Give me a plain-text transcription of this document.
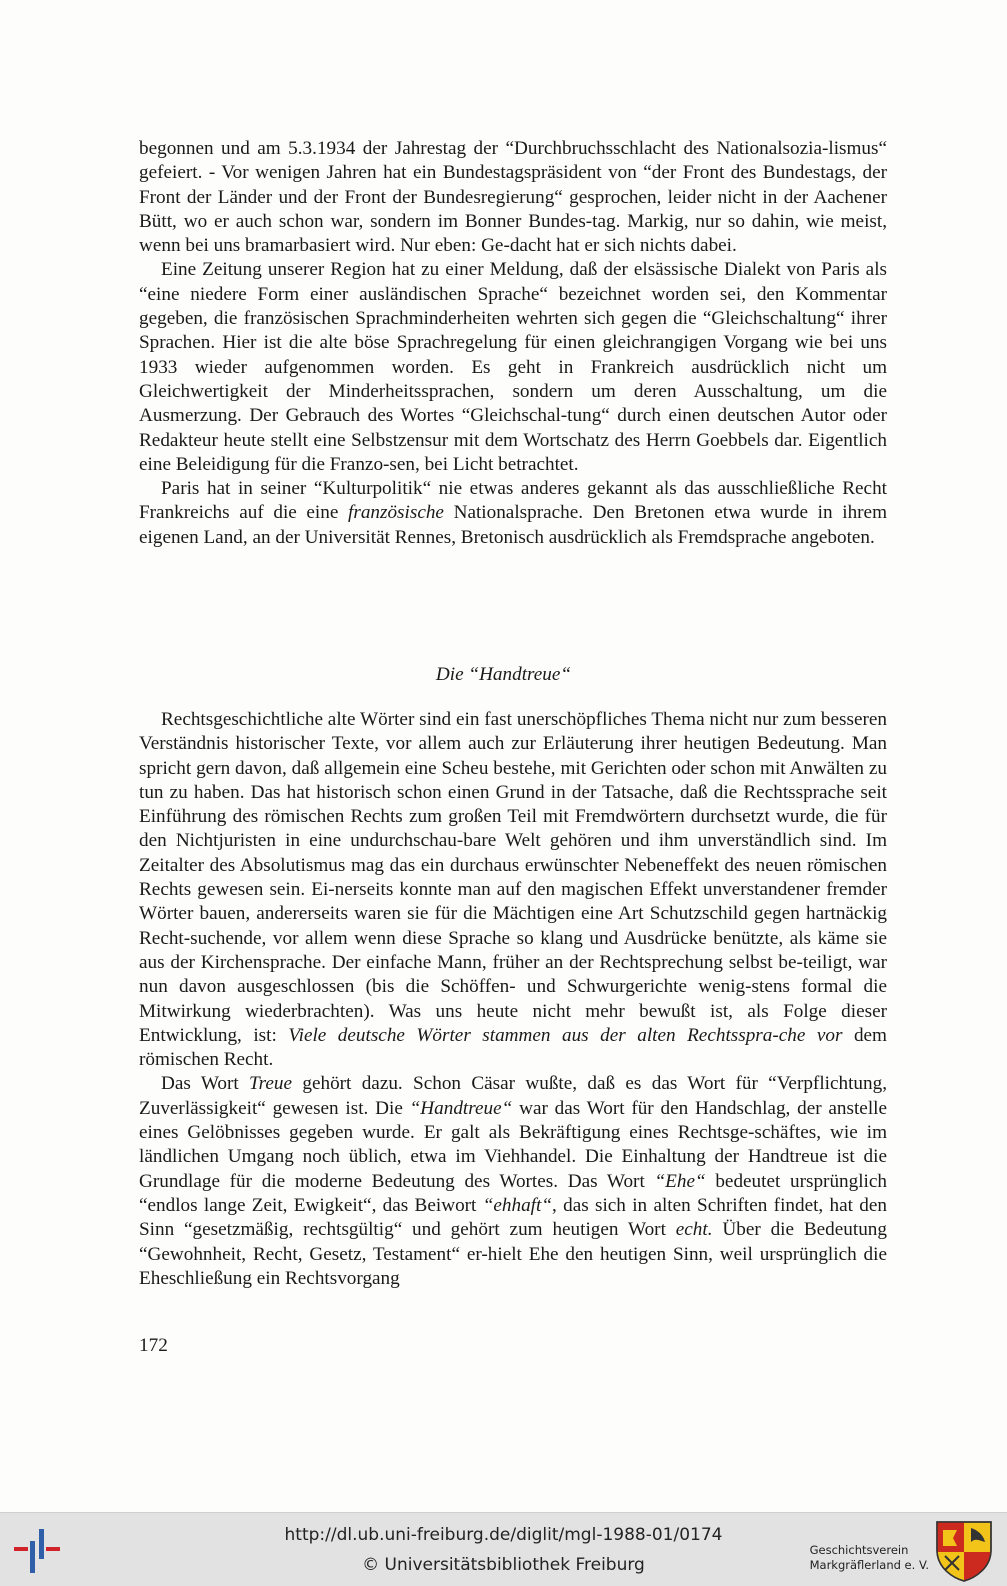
begonnen und am 5.3.1934 der Jahrestag der “Durchbruchsschlacht des Nationalsozia-lismus“ gefeiert. - Vor wenigen Jahren hat ein Bundestagspräsident von “der Front des Bundestags, der Front der Länder und der Front der Bundesregierung“ gesprochen, leider nicht in der Aachener Bütt, wo er auch schon war, sondern im Bonner Bundes-tag. Markig, nur so dahin, wie meist, wenn bei uns bramarbasiert wird. Nur eben: Ge-dacht hat er sich nichts dabei.

Eine Zeitung unserer Region hat zu einer Meldung, daß der elsässische Dialekt von Paris als “eine niedere Form einer ausländischen Sprache“ bezeichnet worden sei, den Kommentar gegeben, die französischen Sprachminderheiten wehrten sich gegen die “Gleichschaltung“ ihrer Sprachen. Hier ist die alte böse Sprachregelung für einen gleichrangigen Vorgang wie bei uns 1933 wieder aufgenommen worden. Es geht in Frankreich ausdrücklich nicht um Gleichwertigkeit der Minderheitssprachen, sondern um deren Ausschaltung, um die Ausmerzung. Der Gebrauch des Wortes “Gleichschal-tung“ durch einen deutschen Autor oder Redakteur heute stellt eine Selbstzensur mit dem Wortschatz des Herrn Goebbels dar. Eigentlich eine Beleidigung für die Franzo-sen, bei Licht betrachtet.

Paris hat in seiner “Kulturpolitik“ nie etwas anderes gekannt als das ausschließliche Recht Frankreichs auf die eine französische Nationalsprache. Den Bretonen etwa wurde in ihrem eigenen Land, an der Universität Rennes, Bretonisch ausdrücklich als Fremdsprache angeboten.

Die “Handtreue“

Rechtsgeschichtliche alte Wörter sind ein fast unerschöpfliches Thema nicht nur zum besseren Verständnis historischer Texte, vor allem auch zur Erläuterung ihrer heutigen Bedeutung. Man spricht gern davon, daß allgemein eine Scheu bestehe, mit Gerichten oder schon mit Anwälten zu tun zu haben. Das hat historisch schon einen Grund in der Tatsache, daß die Rechtssprache seit Einführung des römischen Rechts zum großen Teil mit Fremdwörtern durchsetzt wurde, die für den Nichtjuristen in eine undurchschau-bare Welt gehören und ihm unverständlich sind. Im Zeitalter des Absolutismus mag das ein durchaus erwünschter Nebeneffekt des neuen römischen Rechts gewesen sein. Ei-nerseits konnte man auf den magischen Effekt unverstandener fremder Wörter bauen, andererseits waren sie für die Mächtigen eine Art Schutzschild gegen hartnäckig Recht-suchende, vor allem wenn diese Sprache so klang und Ausdrücke benützte, als käme sie aus der Kirchensprache. Der einfache Mann, früher an der Rechtsprechung selbst be-teiligt, war nun davon ausgeschlossen (bis die Schöffen- und Schwurgerichte wenig-stens formal die Mitwirkung wiederbrachten). Was uns heute nicht mehr bewußt ist, als Folge dieser Entwicklung, ist: Viele deutsche Wörter stammen aus der alten Rechtsspra-che vor dem römischen Recht.

Das Wort Treue gehört dazu. Schon Cäsar wußte, daß es das Wort für “Verpflichtung, Zuverlässigkeit“ gewesen ist. Die “Handtreue“ war das Wort für den Handschlag, der anstelle eines Gelöbnisses gegeben wurde. Er galt als Bekräftigung eines Rechtsge-schäftes, wie im ländlichen Umgang noch üblich, etwa im Viehhandel. Die Einhaltung der Handtreue ist die Grundlage für die moderne Bedeutung des Wortes. Das Wort “Ehe“ bedeutet ursprünglich “endlos lange Zeit, Ewigkeit“, das Beiwort “ehhaft“, das sich in alten Schriften findet, hat den Sinn “gesetzmäßig, rechtsgültig“ und gehört zum heutigen Wort echt. Über die Bedeutung “Gewohnheit, Recht, Gesetz, Testament“ er-hielt Ehe den heutigen Sinn, weil ursprünglich die Eheschließung ein Rechtsvorgang

172
http://dl.ub.uni-freiburg.de/diglit/mgl-1988-01/0174
© Universitätsbibliothek Freiburg
Geschichtsverein
Markgräflerland e. V.
